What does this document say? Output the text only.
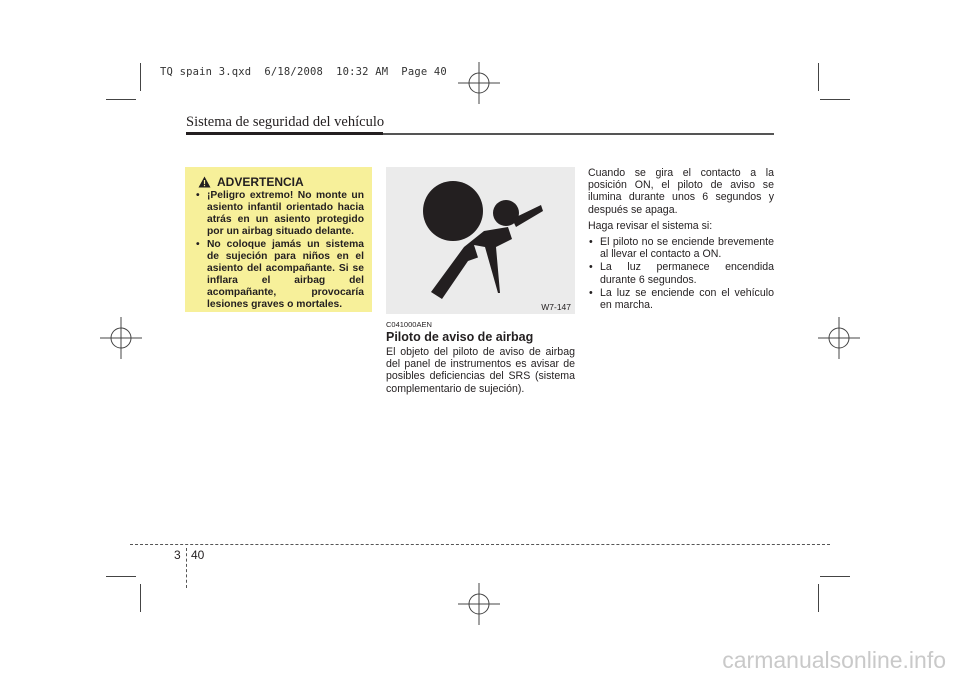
TQ spain 3.qxd  6/18/2008  10:32 AM  Page 40
Sistema de seguridad del vehículo
ADVERTENCIA
• ¡Peligro extremo! No monte un asiento infantil orientado hacia atrás en un asiento protegido por un airbag situado delante.
• No coloque jamás un sistema de sujeción para niños en el asiento del acompañante. Si se inflara el airbag del acompañante, provocaría lesiones graves o mortales.	W7-147
C041000AEN
Piloto de aviso de airbag
El objeto del piloto de aviso de airbag del panel de instrumentos es avisar de posibles deficiencias del SRS (sistema complementario de sujeción).

Cuando se gira el contacto a la posición ON, el piloto de aviso se ilumina durante unos 6 segundos y después se apaga.

Haga revisar el sistema si:

• El piloto no se enciende brevemente al llevar el contacto a ON.
• La luz permanece encendida durante 6 segundos.
• La luz se enciende con el vehículo en marcha.
3 40
carmanualsonline.info
